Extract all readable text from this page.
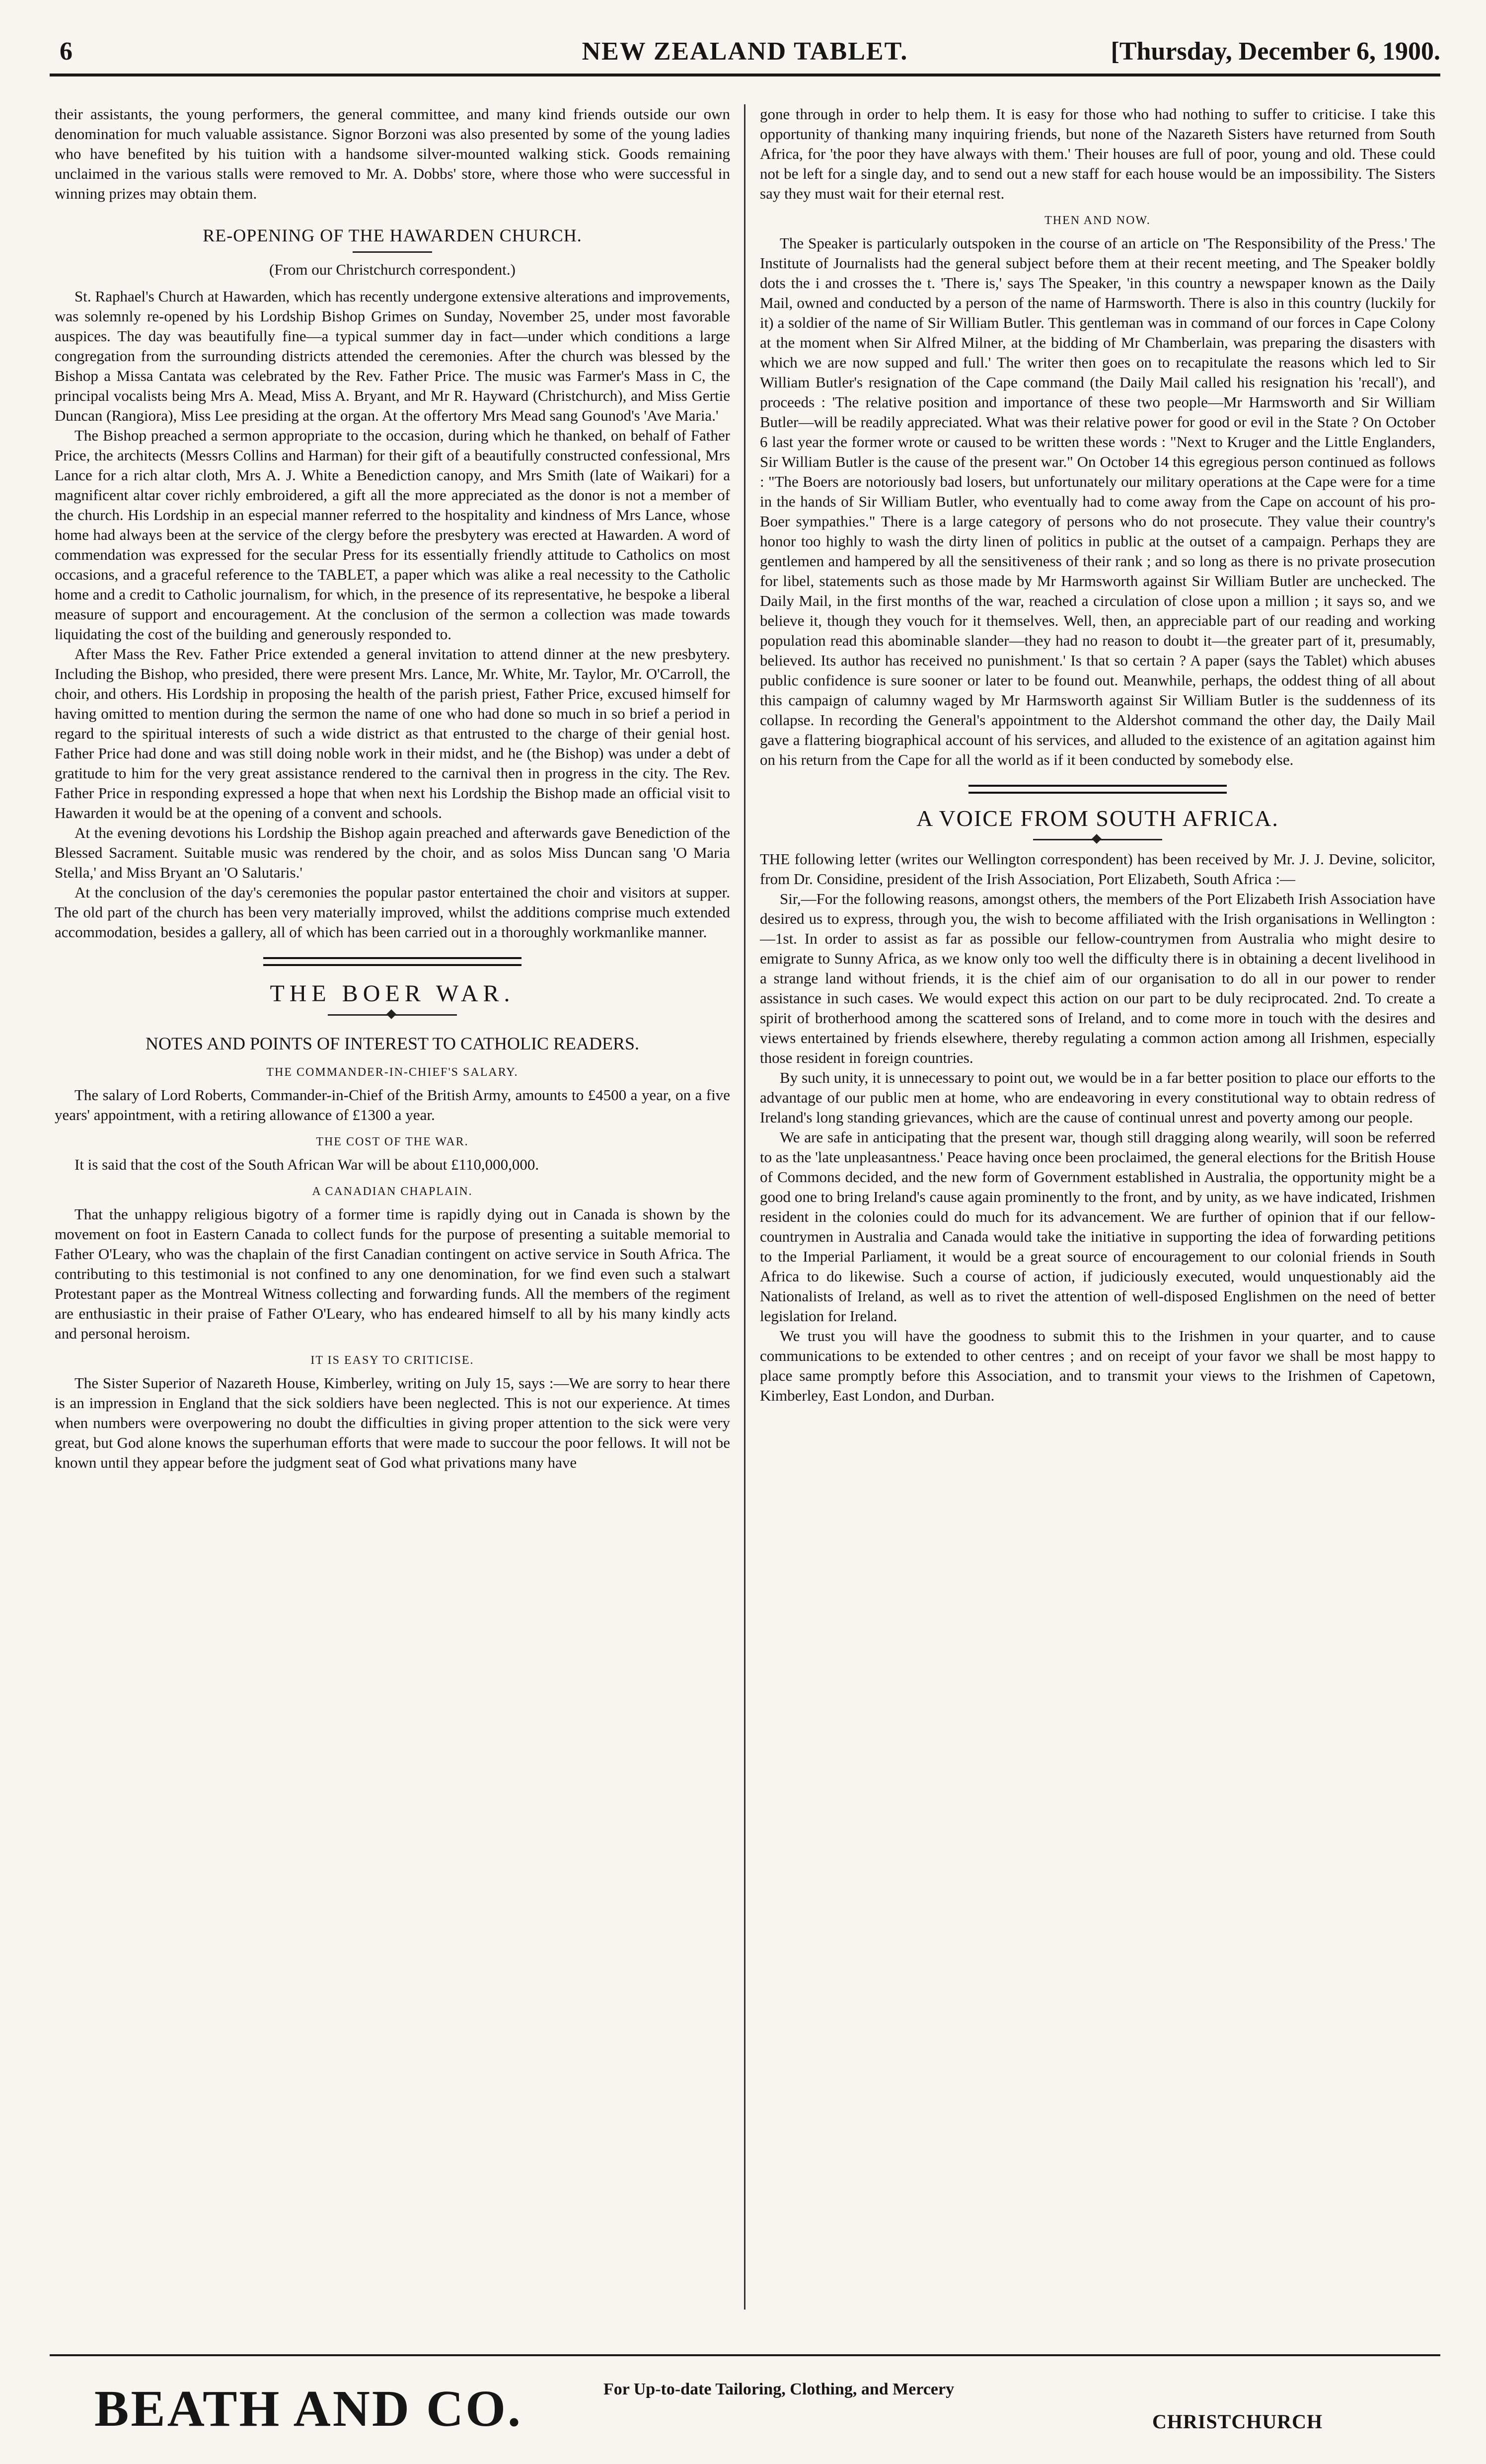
6	NEW ZEALAND TABLET.	[Thursday, December 6, 1900.

their assistants, the young performers, the general committee, and many kind friends outside our own denomination for much valuable assistance. Signor Borzoni was also presented by some of the young ladies who have benefited by his tuition with a handsome silver-mounted walking stick. Goods remaining unclaimed in the various stalls were removed to Mr. A. Dobbs' store, where those who were successful in winning prizes may obtain them.

RE-OPENING OF THE HAWARDEN CHURCH.
(From our Christchurch correspondent.)

St. Raphael's Church at Hawarden, which has recently undergone extensive alterations and improvements, was solemnly re-opened by his Lordship Bishop Grimes on Sunday, November 25, under most favorable auspices. The day was beautifully fine—a typical summer day in fact—under which conditions a large congregation from the surrounding districts attended the ceremonies. After the church was blessed by the Bishop a Missa Cantata was celebrated by the Rev. Father Price. The music was Farmer's Mass in C, the principal vocalists being Mrs A. Mead, Miss A. Bryant, and Mr R. Hayward (Christchurch), and Miss Gertie Duncan (Rangiora), Miss Lee presiding at the organ. At the offertory Mrs Mead sang Gounod's 'Ave Maria.'

The Bishop preached a sermon appropriate to the occasion, during which he thanked, on behalf of Father Price, the architects (Messrs Collins and Harman) for their gift of a beautifully constructed confessional, Mrs Lance for a rich altar cloth, Mrs A. J. White a Benediction canopy, and Mrs Smith (late of Waikari) for a magnificent altar cover richly embroidered, a gift all the more appreciated as the donor is not a member of the church. His Lordship in an especial manner referred to the hospitality and kindness of Mrs Lance, whose home had always been at the service of the clergy before the presbytery was erected at Hawarden. A word of commendation was expressed for the secular Press for its essentially friendly attitude to Catholics on most occasions, and a graceful reference to the TABLET, a paper which was alike a real necessity to the Catholic home and a credit to Catholic journalism, for which, in the presence of its representative, he bespoke a liberal measure of support and encouragement. At the conclusion of the sermon a collection was made towards liquidating the cost of the building and generously responded to.

After Mass the Rev. Father Price extended a general invitation to attend dinner at the new presbytery. Including the Bishop, who presided, there were present Mrs. Lance, Mr. White, Mr. Taylor, Mr. O'Carroll, the choir, and others. His Lordship in proposing the health of the parish priest, Father Price, excused himself for having omitted to mention during the sermon the name of one who had done so much in so brief a period in regard to the spiritual interests of such a wide district as that entrusted to the charge of their genial host. Father Price had done and was still doing noble work in their midst, and he (the Bishop) was under a debt of gratitude to him for the very great assistance rendered to the carnival then in progress in the city. The Rev. Father Price in responding expressed a hope that when next his Lordship the Bishop made an official visit to Hawarden it would be at the opening of a convent and schools.

At the evening devotions his Lordship the Bishop again preached and afterwards gave Benediction of the Blessed Sacrament. Suitable music was rendered by the choir, and as solos Miss Duncan sang 'O Maria Stella,' and Miss Bryant an 'O Salutaris.'

At the conclusion of the day's ceremonies the popular pastor entertained the choir and visitors at supper. The old part of the church has been very materially improved, whilst the additions comprise much extended accommodation, besides a gallery, all of which has been carried out in a thoroughly workmanlike manner.

THE BOER WAR.
NOTES AND POINTS OF INTEREST TO CATHOLIC READERS.
THE COMMANDER-IN-CHIEF'S SALARY.

The salary of Lord Roberts, Commander-in-Chief of the British Army, amounts to £4500 a year, on a five years' appointment, with a retiring allowance of £1300 a year.

THE COST OF THE WAR.

It is said that the cost of the South African War will be about £110,000,000.

A CANADIAN CHAPLAIN.

That the unhappy religious bigotry of a former time is rapidly dying out in Canada is shown by the movement on foot in Eastern Canada to collect funds for the purpose of presenting a suitable memorial to Father O'Leary, who was the chaplain of the first Canadian contingent on active service in South Africa. The contributing to this testimonial is not confined to any one denomination, for we find even such a stalwart Protestant paper as the Montreal Witness collecting and forwarding funds. All the members of the regiment are enthusiastic in their praise of Father O'Leary, who has endeared himself to all by his many kindly acts and personal heroism.

IT IS EASY TO CRITICISE.

The Sister Superior of Nazareth House, Kimberley, writing on July 15, says :—We are sorry to hear there is an impression in England that the sick soldiers have been neglected. This is not our experience. At times when numbers were overpowering no doubt the difficulties in giving proper attention to the sick were very great, but God alone knows the superhuman efforts that were made to succour the poor fellows. It will not be known until they appear before the judgment seat of God what privations many have

gone through in order to help them. It is easy for those who had nothing to suffer to criticise. I take this opportunity of thanking many inquiring friends, but none of the Nazareth Sisters have returned from South Africa, for 'the poor they have always with them.' Their houses are full of poor, young and old. These could not be left for a single day, and to send out a new staff for each house would be an impossibility. The Sisters say they must wait for their eternal rest.

THEN AND NOW.

The Speaker is particularly outspoken in the course of an article on 'The Responsibility of the Press.' The Institute of Journalists had the general subject before them at their recent meeting, and The Speaker boldly dots the i and crosses the t. 'There is,' says The Speaker, 'in this country a newspaper known as the Daily Mail, owned and conducted by a person of the name of Harmsworth. There is also in this country (luckily for it) a soldier of the name of Sir William Butler. This gentleman was in command of our forces in Cape Colony at the moment when Sir Alfred Milner, at the bidding of Mr Chamberlain, was preparing the disasters with which we are now supped and full.' The writer then goes on to recapitulate the reasons which led to Sir William Butler's resignation of the Cape command (the Daily Mail called his resignation his 'recall'), and proceeds : 'The relative position and importance of these two people—Mr Harmsworth and Sir William Butler—will be readily appreciated. What was their relative power for good or evil in the State ? On October 6 last year the former wrote or caused to be written these words : "Next to Kruger and the Little Englanders, Sir William Butler is the cause of the present war." On October 14 this egregious person continued as follows : "The Boers are notoriously bad losers, but unfortunately our military operations at the Cape were for a time in the hands of Sir William Butler, who eventually had to come away from the Cape on account of his pro-Boer sympathies." There is a large category of persons who do not prosecute. They value their country's honor too highly to wash the dirty linen of politics in public at the outset of a campaign. Perhaps they are gentlemen and hampered by all the sensitiveness of their rank ; and so long as there is no private prosecution for libel, statements such as those made by Mr Harmsworth against Sir William Butler are unchecked. The Daily Mail, in the first months of the war, reached a circulation of close upon a million ; it says so, and we believe it, though they vouch for it themselves. Well, then, an appreciable part of our reading and working population read this abominable slander—they had no reason to doubt it—the greater part of it, presumably, believed. Its author has received no punishment.' Is that so certain ? A paper (says the Tablet) which abuses public confidence is sure sooner or later to be found out. Meanwhile, perhaps, the oddest thing of all about this campaign of calumny waged by Mr Harmsworth against Sir William Butler is the suddenness of its collapse. In recording the General's appointment to the Aldershot command the other day, the Daily Mail gave a flattering biographical account of his services, and alluded to the existence of an agitation against him on his return from the Cape for all the world as if it been conducted by somebody else.

A VOICE FROM SOUTH AFRICA.

THE following letter (writes our Wellington correspondent) has been received by Mr. J. J. Devine, solicitor, from Dr. Considine, president of the Irish Association, Port Elizabeth, South Africa :—

Sir,—For the following reasons, amongst others, the members of the Port Elizabeth Irish Association have desired us to express, through you, the wish to become affiliated with the Irish organisations in Wellington :—1st. In order to assist as far as possible our fellow-countrymen from Australia who might desire to emigrate to Sunny Africa, as we know only too well the difficulty there is in obtaining a decent livelihood in a strange land without friends, it is the chief aim of our organisation to do all in our power to render assistance in such cases. We would expect this action on our part to be duly reciprocated. 2nd. To create a spirit of brotherhood among the scattered sons of Ireland, and to come more in touch with the desires and views entertained by friends elsewhere, thereby regulating a common action among all Irishmen, especially those resident in foreign countries.

By such unity, it is unnecessary to point out, we would be in a far better position to place our efforts to the advantage of our public men at home, who are endeavoring in every constitutional way to obtain redress of Ireland's long standing grievances, which are the cause of continual unrest and poverty among our people.

We are safe in anticipating that the present war, though still dragging along wearily, will soon be referred to as the 'late unpleasantness.' Peace having once been proclaimed, the general elections for the British House of Commons decided, and the new form of Government established in Australia, the opportunity might be a good one to bring Ireland's cause again prominently to the front, and by unity, as we have indicated, Irishmen resident in the colonies could do much for its advancement. We are further of opinion that if our fellow-countrymen in Australia and Canada would take the initiative in supporting the idea of forwarding petitions to the Imperial Parliament, it would be a great source of encouragement to our colonial friends in South Africa to do likewise. Such a course of action, if judiciously executed, would unquestionably aid the Nationalists of Ireland, as well as to rivet the attention of well-disposed Englishmen on the need of better legislation for Ireland.

We trust you will have the goodness to submit this to the Irishmen in your quarter, and to cause communications to be extended to other centres ; and on receipt of your favor we shall be most happy to place same promptly before this Association, and to transmit your views to the Irishmen of Capetown, Kimberley, East London, and Durban.

BEATH AND CO.	For Up-to-date Tailoring, Clothing, and Mercery
CHRISTCHURCH
